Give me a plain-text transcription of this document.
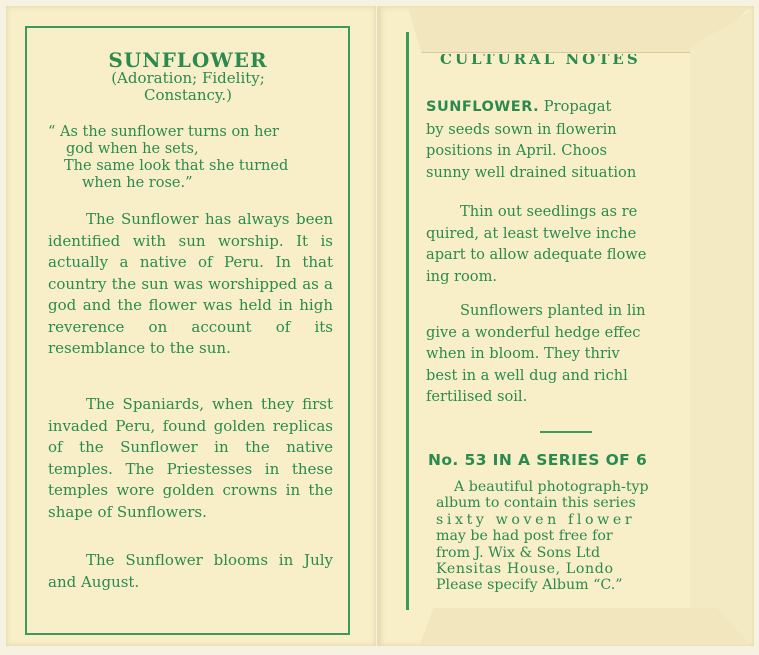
SUNFLOWER
(Adoration; Fidelity;
Constancy.)

“ As the sunflower turns on her

god when he sets,

The same look that she turned

when he rose.”

The Sunflower has always been identified with sun worship. It is actually a native of Peru. In that country the sun was worshipped as a god and the flower was held in high reverence on account of its resemblance to the sun.

The Spaniards, when they first invaded Peru, found golden replicas of the Sunflower in the native temples. The Priestesses in these temples wore golden crowns in the shape of Sunflowers.

The Sunflower blooms in July and August.

CULTURAL NOTES
SUNFLOWER. Propagat
by seeds sown in flowerin
positions in April. Choos
sunny well drained situation
Thin out seedlings as re
quired, at least twelve inche
apart to allow adequate flowe
ing room.
Sunflowers planted in lin
give a wonderful hedge effec
when in bloom. They thriv
best in a well dug and richl
fertilised soil.
No. 53 IN A SERIES OF 6
A beautiful photograph-typ
album to contain this series
sixty woven flower
may be had post free for
from J. Wix & Sons Ltd
Kensitas House, Londo
Please specify Album “C.”
